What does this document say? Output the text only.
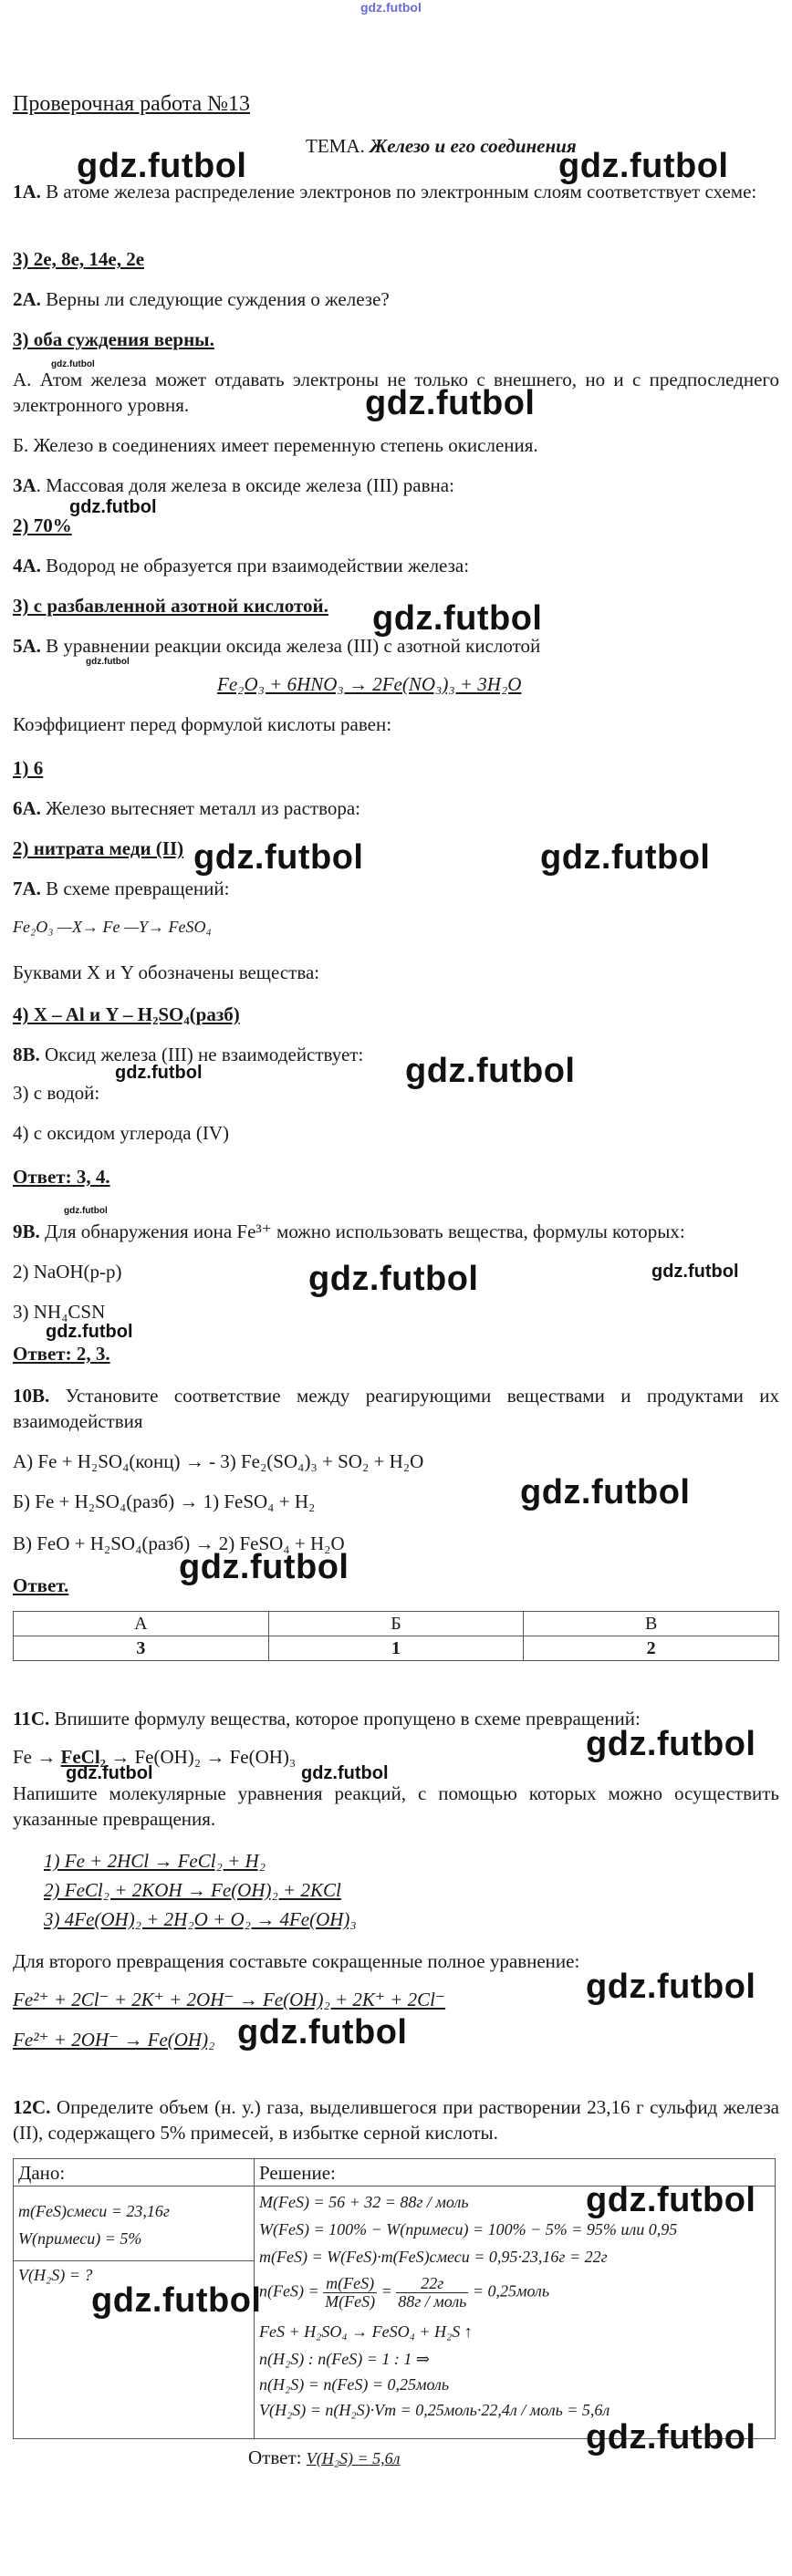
gdz.futbol
Проверочная работа №13
ТЕМА. Железо и его соединения
1А. В атоме железа распределение электронов по электронным слоям соответствует схеме:
3) 2е, 8е, 14е, 2е
2А. Верны ли следующие суждения о железе?
3) оба суждения верны.
А. Атом железа может отдавать электроны не только с внешнего, но и с предпоследнего электронного уровня.
Б. Железо в соединениях имеет переменную степень окисления.
3А. Массовая доля железа в оксиде железа (III) равна:
2) 70%
4А. Водород не образуется при взаимодействии железа:
3) с разбавленной азотной кислотой.
5А. В уравнении реакции оксида железа (III) с азотной кислотой
Fe₂O₃ + 6HNO₃ → 2Fe(NO₃)₃ + 3H₂O
Коэффициент перед формулой кислоты равен:
1) 6
6А. Железо вытесняет металл из раствора:
2) нитрата меди (II)
7А. В схеме превращений:
Fe₂O₃ —X→ Fe —Y→ FeSO₄
Буквами X и Y обозначены вещества:
4) X – Al и Y – H₂SO₄(разб)
8В. Оксид железа (III) не взаимодействует:
3) с водой:
4) с оксидом углерода (IV)
Ответ: 3, 4.
9В. Для обнаружения иона Fe³⁺ можно использовать вещества, формулы которых:
2) NaOH(р-р)
3) NH₄CSN
Ответ: 2, 3.
10В. Установите соответствие между реагирующими веществами и продуктами их взаимодействия
А) Fe + H₂SO₄(конц) → - 3) Fe₂(SO₄)₃ + SO₂ + H₂O
Б) Fe + H₂SO₄(разб) → 1) FeSO₄ + H₂
В) FeO + H₂SO₄(разб) → 2) FeSO₄ + H₂O
Ответ.
А	Б	В
3	1	2
11С. Впишите формулу вещества, которое пропущено в схеме превращений:
Fe → FeCl₂ → Fe(OH)₂ → Fe(OH)₃
Напишите молекулярные уравнения реакций, с помощью которых можно осуществить указанные превращения.
1) Fe + 2HCl → FeCl₂ + H₂
2) FeCl₂ + 2KOH → Fe(OH)₂ + 2KCl
3) 4Fe(OH)₂ + 2H₂O + O₂ → 4Fe(OH)₃
Для второго превращения составьте сокращенные полное уравнение:
Fe²⁺ + 2Cl⁻ + 2K⁺ + 2OH⁻ → Fe(OH)₂ + 2K⁺ + 2Cl⁻
Fe²⁺ + 2OH⁻ → Fe(OH)₂
12С. Определите объем (н. у.) газа, выделившегося при растворении 23,16 г сульфид железа (II), содержащего 5% примесей, в избытке серной кислоты.
Дано:	Решение:
m(FeS)смеси = 23,16г
W(примеси) = 5%
V(H₂S) = ?
M(FeS) = 56 + 32 = 88г / моль
W(FeS) = 100% − W(примеси) = 100% − 5% = 95% или 0,95
m(FeS) = W(FeS)·m(FeS)смеси = 0,95·23,16г = 22г
$n(FeS) = \frac{\text{m(FeS)}}{\text{M(FeS)}} = \frac{22г}{\text{88г / моль}}$ = 0,25моль
FeS + H₂SO₄ → FeSO₄ + H₂S ↑
n(H₂S) : n(FeS) = 1 : 1 ⇒
n(H₂S) = n(FeS) = 0,25моль
V(H₂S) = n(H₂S)·Vm = 0,25моль·22,4л / моль = 5,6л
Ответ: V(H₂S) = 5,6л
gdz.futbol	gdz.futbol
gdz.futbol
gdz.futbol
gdz.futbol
gdz.futbol
gdz.futbol
gdz.futbol	gdz.futbol
gdz.futbol	gdz.futbol
gdz.futbol
gdz.futbol	gdz.futbol
gdz.futbol
gdz.futbol
gdz.futbol
gdz.futbol
gdz.futbol	gdz.futbol
gdz.futbol
gdz.futbol
gdz.futbol
gdz.futbol
gdz.futbol
